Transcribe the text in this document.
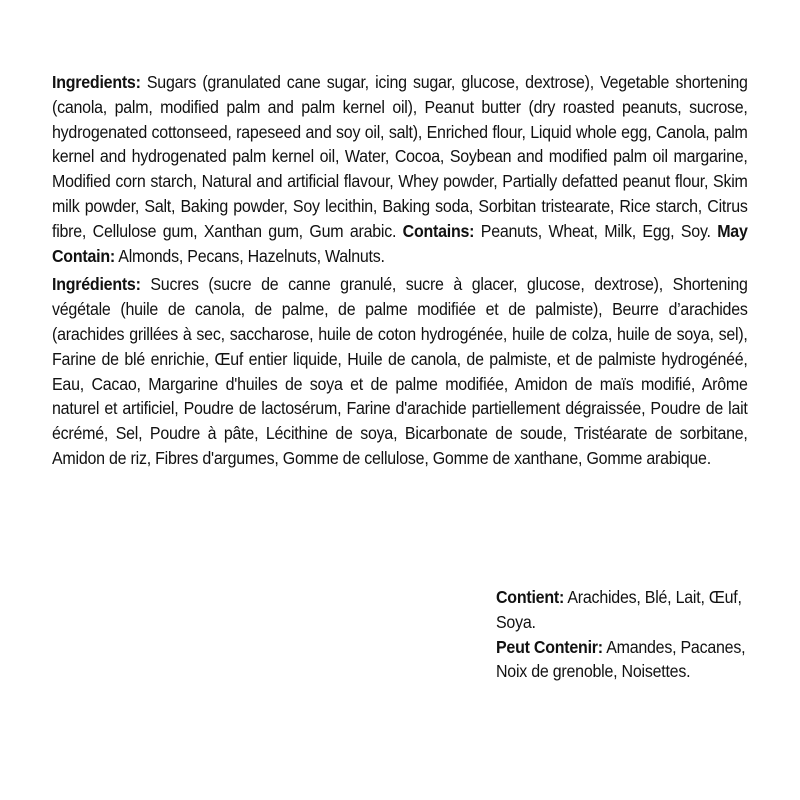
Ingredients: Sugars (granulated cane sugar, icing sugar, glucose, dextrose), Vegetable shortening (canola, palm, modified palm and palm kernel oil), Peanut butter (dry roasted peanuts, sucrose, hydrogenated cottonseed, rapeseed and soy oil, salt), Enriched flour, Liquid whole egg, Canola, palm kernel and hydrogenated palm kernel oil, Water, Cocoa, Soybean and modified palm oil margarine, Modified corn starch, Natural and artificial flavour, Whey powder, Partially defatted peanut flour, Skim milk powder, Salt, Baking powder, Soy lecithin, Baking soda, Sorbitan tristearate, Rice starch, Citrus fibre, Cellulose gum, Xanthan gum, Gum arabic. Contains: Peanuts, Wheat, Milk, Egg, Soy. May Contain: Almonds, Pecans, Hazelnuts, Walnuts.

Ingrédients: Sucres (sucre de canne granulé, sucre à glacer, glucose, dextrose), Shortening végétale (huile de canola, de palme, de palme modifiée et de palmiste), Beurre d’arachides (arachides grillées à sec, saccharose, huile de coton hydrogénée, huile de colza, huile de soya, sel), Farine de blé enrichie, Œuf entier liquide, Huile de canola, de palmiste, et de palmiste hydrogénéé, Eau, Cacao, Margarine d'huiles de soya et de palme modifiée, Amidon de maïs modifié, Arôme naturel et artificiel, Poudre de lactosérum, Farine d'arachide partiellement dégraissée, Poudre de lait écrémé, Sel, Poudre à pâte, Lécithine de soya, Bicarbonate de soude, Tristéarate de sorbitane, Amidon de riz, Fibres d'argumes, Gomme de cellulose, Gomme de xanthane, Gomme arabique.

Contient: Arachides, Blé, Lait, Œuf, Soya.

Peut Contenir: Amandes, Pacanes, Noix de grenoble, Noisettes.
